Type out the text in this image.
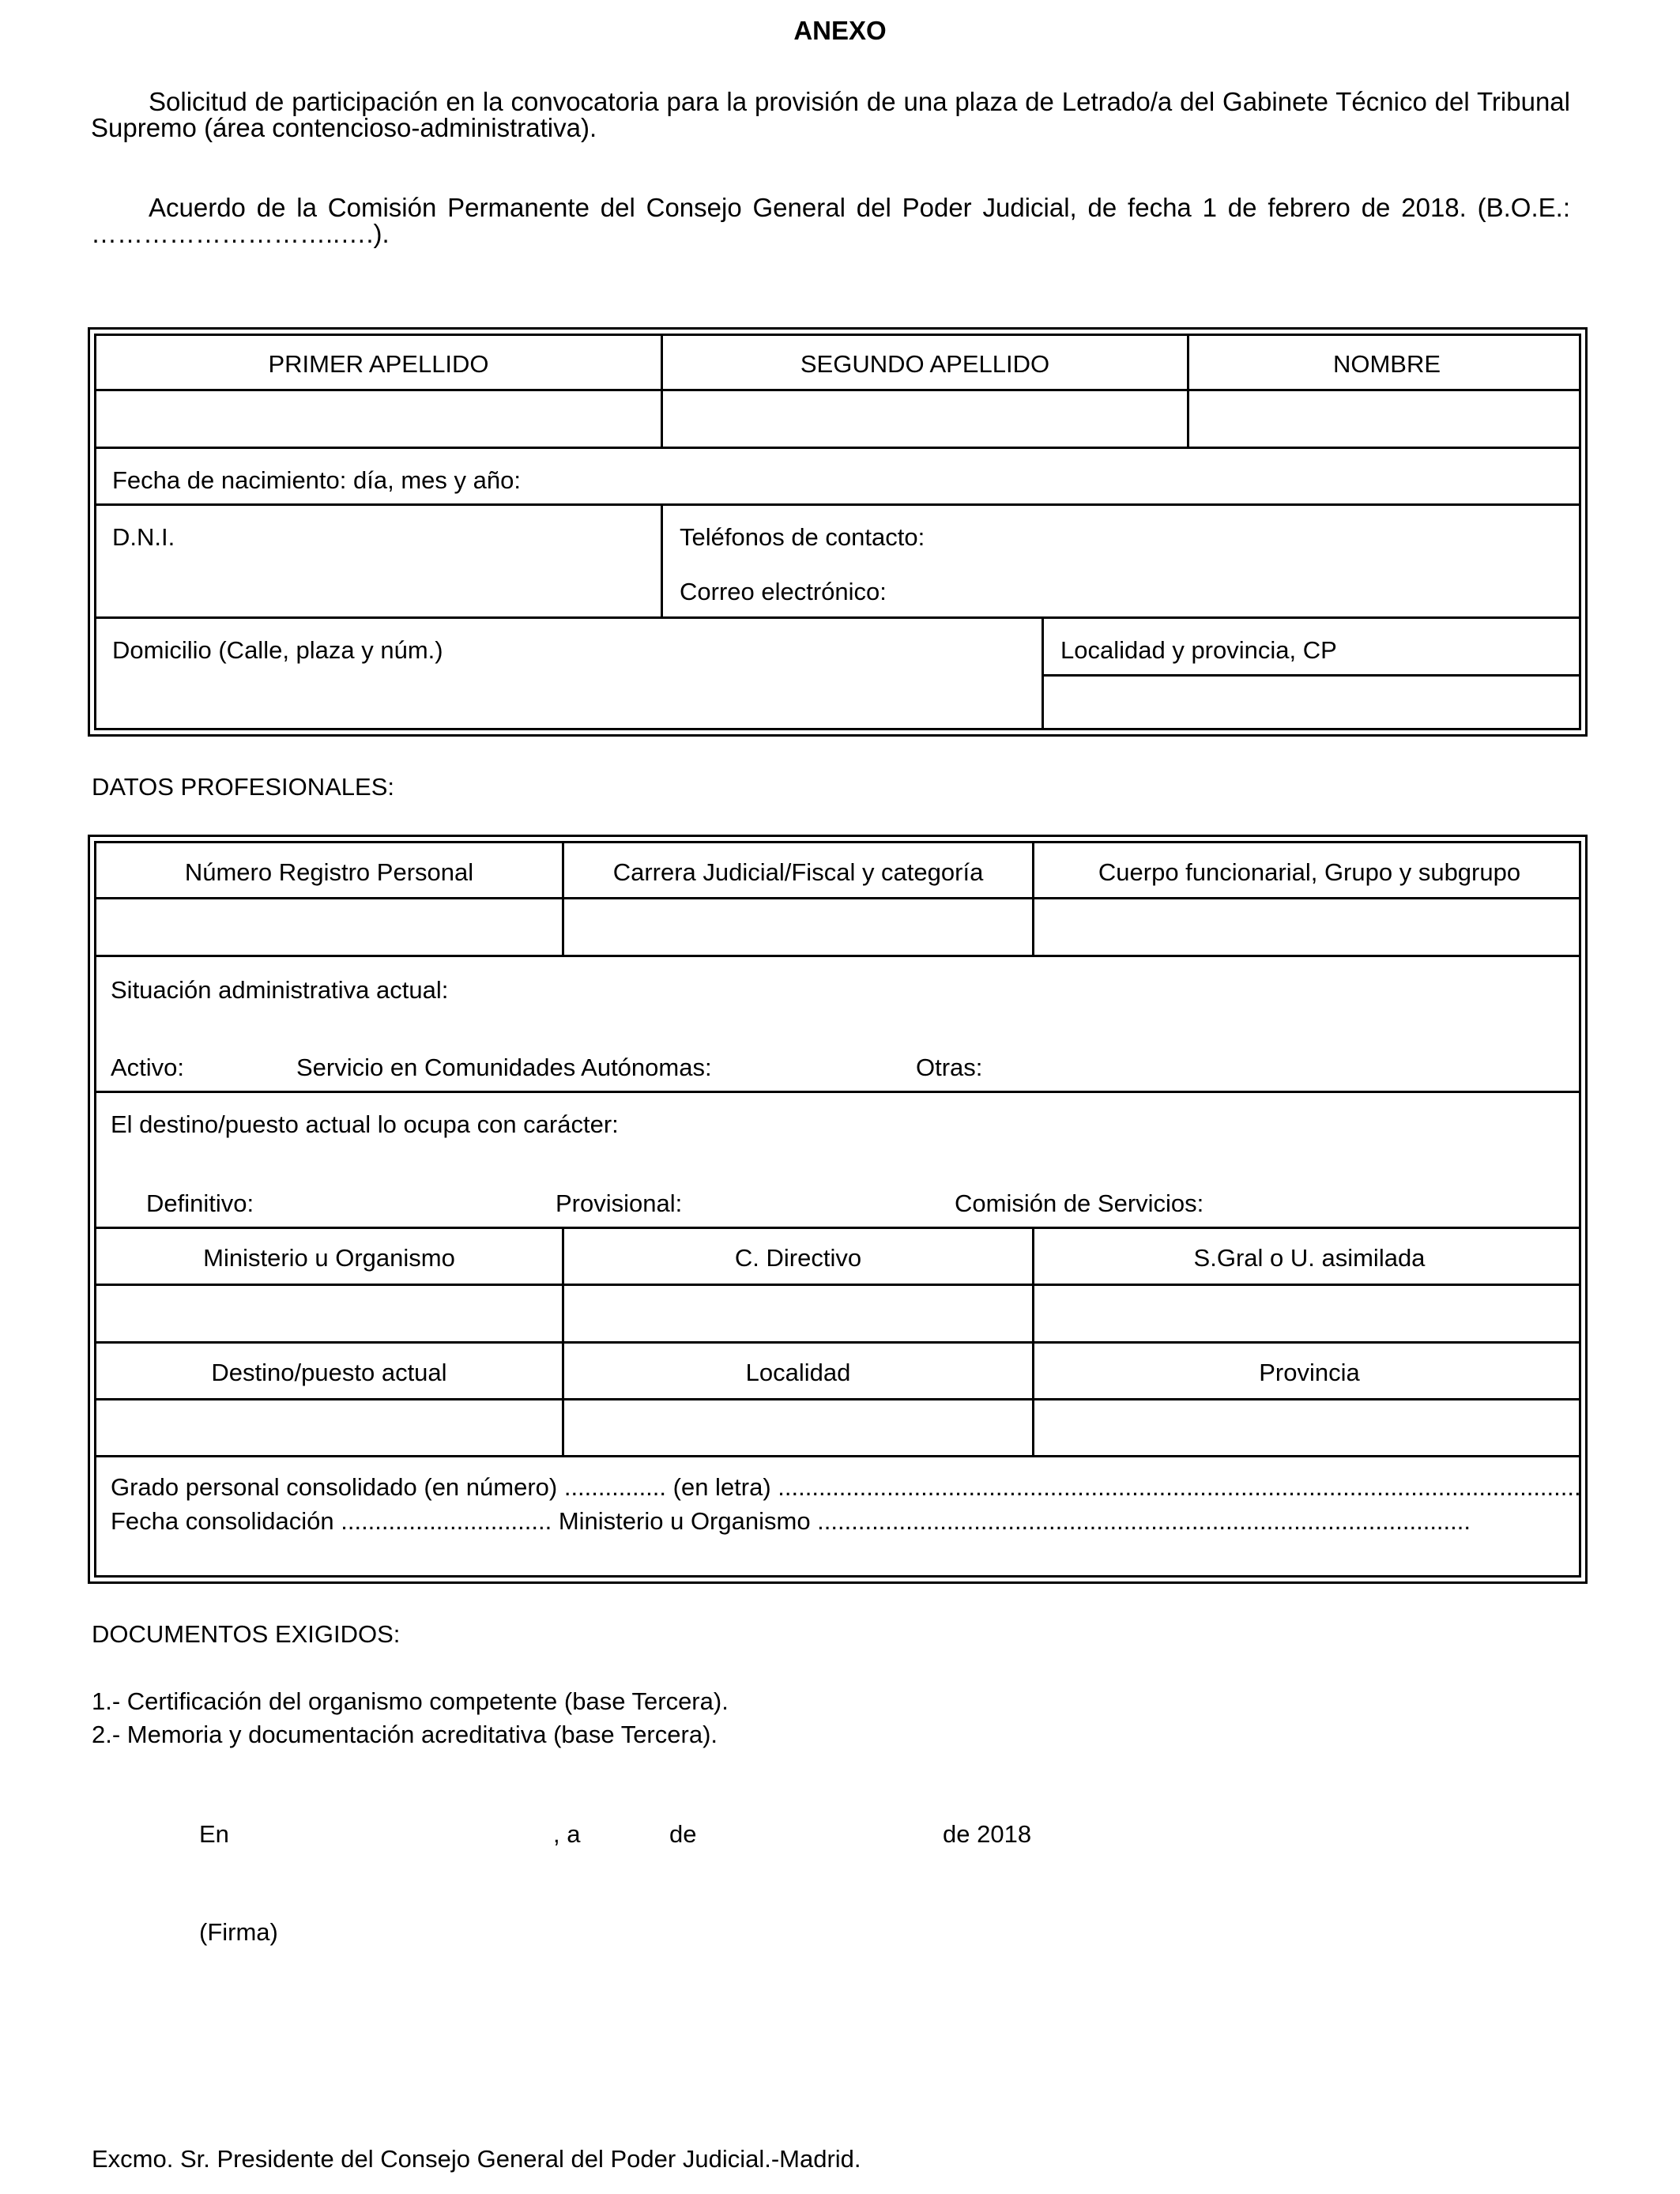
ANEXO
Solicitud de participación en la convocatoria para la provisión de una plaza de Letrado/a del Gabinete Técnico del Tribunal Supremo (área contencioso-administrativa).
Acuerdo de la Comisión Permanente del Consejo General del Poder Judicial, de fecha 1 de febrero de 2018. (B.O.E.: ………………………..….).
PRIMER APELLIDO	SEGUNDO APELLIDO	NOMBRE
Fecha de nacimiento: día, mes y año:
D.N.I.	Teléfonos de contacto:
Correo electrónico:
Domicilio (Calle, plaza y núm.)	Localidad y provincia, CP
DATOS PROFESIONALES:
Número Registro Personal	Carrera Judicial/Fiscal y categoría	Cuerpo funcionarial, Grupo y subgrupo
Situación administrativa actual:
Activo:	Servicio en Comunidades Autónomas:	Otras:
El destino/puesto actual lo ocupa con carácter:
Definitivo:	Provisional:	Comisión de Servicios:
Ministerio u Organismo	C. Directivo	S.Gral o U. asimilada
Destino/puesto actual	Localidad	Provincia
Grado personal consolidado (en número) ............... (en letra) ......................................................................................................................
Fecha consolidación ............................... Ministerio u Organismo ................................................................................................
DOCUMENTOS EXIGIDOS:
1.- Certificación del organismo competente (base Tercera).
2.- Memoria y documentación acreditativa (base Tercera).
En	, a	de	de 2018
(Firma)
Excmo. Sr. Presidente del Consejo General del Poder Judicial.-Madrid.
